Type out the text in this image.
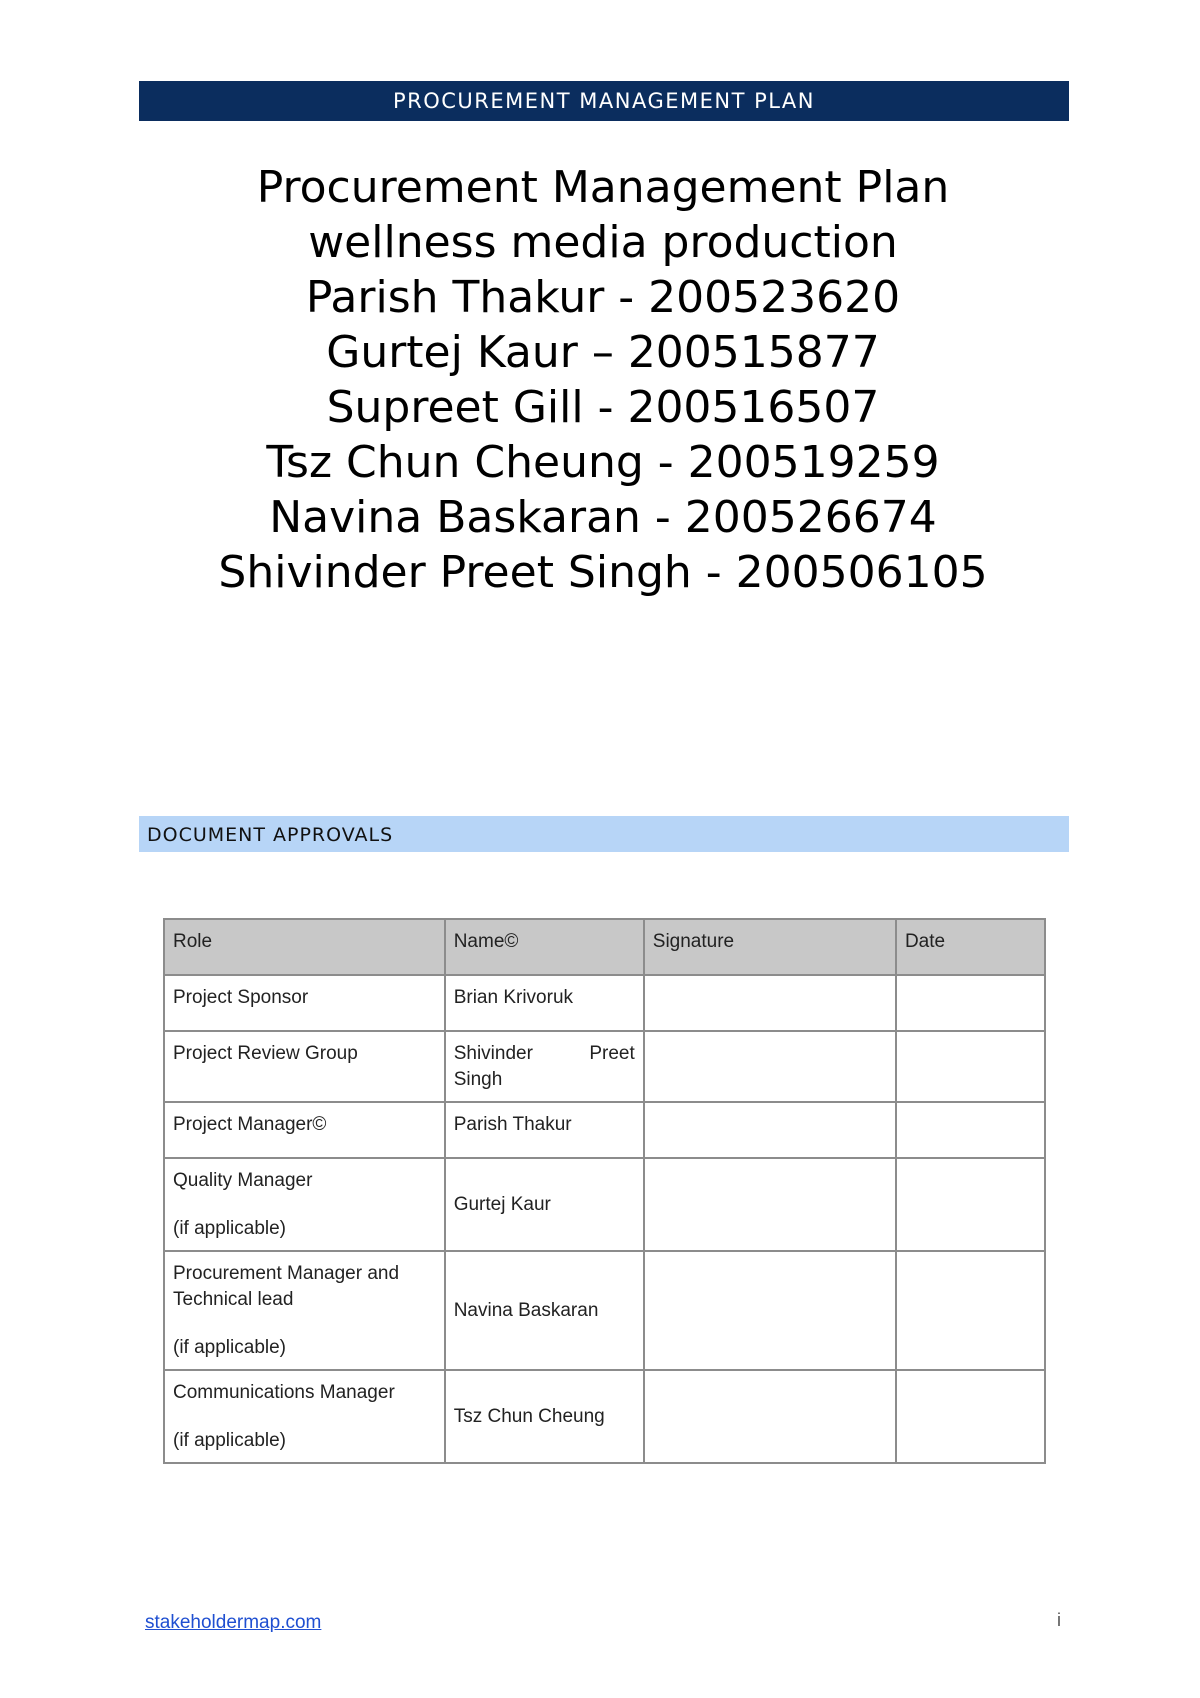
PROCUREMENT MANAGEMENT PLAN
Procurement Management Plan
wellness media production
Parish Thakur - 200523620
Gurtej Kaur – 200515877
Supreet Gill - 200516507
Tsz Chun Cheung - 200519259
Navina Baskaran - 200526674
Shivinder Preet Singh - 200506105
DOCUMENT APPROVALS
Role	Name©	Signature	Date
Project Sponsor	Brian Krivoruk		
Project Review Group	Shivinder Preet
Singh		
Project Manager©	Parish Thakur		
Quality Manager
(if applicable)	Gurtej Kaur		
Procurement Manager and Technical lead
(if applicable)	Navina Baskaran		
Communications Manager
(if applicable)	Tsz Chun Cheung		
stakeholdermap.com	i
